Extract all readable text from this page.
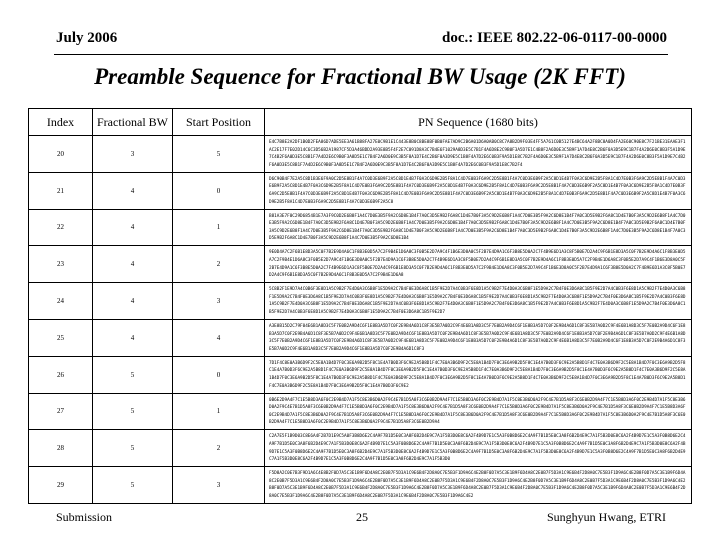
July 2006	doc.: IEEE 802.22-06-0117-00-0000
Preamble Sequence for Fractional BW Usage (2K FFT)
Index	Fractional BW	Start Position	PN Sequence (1680 bits)
20	3	5	E4C7B8E2A2DF1B0D2FEA86D7ADE5EE3A61B88FA27E0C9B1E1C443E8B0C8BE8BF0B0FAE7AD9C2B6A01D6A0AB0C8C7A8B2D9F03E4FF5A761C0B5127E4BC64A2F8BC8A0D4FA2E60C90E8C7F21BE31EAAE3F1AC2E17F7E02D14C6C3D56B2A1987CF5D3A46BDD2A93E8B5F4F2E7C091D8A3C7B4E6F1029A8D3E5C7B1F4A6D8E2C9B0F3A5D7E1C4B8F2A6D0E3C5B9F1A7D4E8C2B6F0A3D5E9C1B7F4A2D6E0C8B3F5A1D9E7C4B2F6A0D3E5C8B1F7A4D2E6C9B0F3A8D5E1C7B4F2A6D0E9C3B5F8A1D7E4C2B6F0A3D9E5C1B8F4A7D2E6C0B3F9A5D1E8C7B2F4A6D0E3C5B9F1A7D4E8C2B6F0A3D5E9C1B7F4A2D6E0C8B3F5A1D9E7C4B2F6A0D3E5C8B1F7A4D2E6C9B0F3A8D5E1C7B4F2A6D0E9C3B5F8A1D7E4C2B6F0A3D9E5C1B8F4A7D2E6C0B3F9A5D1E8C7B2F4

21	4	0	D6C90B4F7E2A5C8D1B3E6F9A0C2D5E8B1F4A7C0D3E6B9F2A5C8D1E4B7F0A3C6D9E2B5F8A1C4D7E0B3F6A9C2D5E8B1F4A7C0D3E6B9F2A5C8D1E4B7F0A3C6D9E2B5F8A1C4D7E0B3F6A9C2D5E8B1F4A7C0D3E6B9F2A5C8D1E4B7F0A3C6D9E2B5F8A1C4D7E0B3F6A9C2D5E8B1F4A7C0D3E6B9F2A5C8D1E4B7F0A3C6D9E2B5F8A1C4D7E0B3F6A9C2D5E8B1F4A7C0D3E6B9F2A5C8D1E4B7F0A3C6D9E2B5F8A1C4D7E0B3F6A9C2D5E8B1F4A7C0D3E6B9F2A5C8D1E4B7F0A3C6D9E2B5F8A1C4D7E0B3F6A9C2D5E8B1F4A7C0D3E6B9F2A5C8D1E4B7F0A3C6D9E2B5F8A1C4D7E0B3F6A9C2D5E8B1F4A7C0D3E6B9F2A5C8D1E4B7F0A3C6D9E2B5F8A1C4D7E0B3F6A9C2D5E8B1F4A7C0D3E6B9F2A5C8

22	4	1	B81A3E7F0C29D6854B1E7A3F9C0D2E6B8F1A4C7D0E3B5F9A2C6D8E1B4F7A0C3D5E9B2F6A8C1D4E7B0F3A5C9D2E6B8F1A4C7D0E3B5F9A2C6D8E1B4F7A0C3D5E9B2F6A8C1D4E7B0F3A5C9D2E6B8F1A4C7D0E3B5F9A2C6D8E1B4F7A0C3D5E9B2F6A8C1D4E7B0F3A5C9D2E6B8F1A4C7D0E3B5F9A2C6D8E1B4F7A0C3D5E9B2F6A8C1D4E7B0F3A5C9D2E6B8F1A4C7D0E3B5F9A2C6D8E1B4F7A0C3D5E9B2F6A8C1D4E7B0F3A5C9D2E6B8F1A4C7D0E3B5F9A2C6D8E1B4F7A0C3D5E9B2F6A8C1D4E7B0F3A5C9D2E6B8F1A4C7D0E3B5F9A2C6D8E1B4F7A0C3D5E9B2F6A8C1D4E7B0F3A5C9D2E6B8F1A4C7D0E3B5F9A2C6D8E1B4F7A0C3D5E9B2F6A8C1D4E7B0F3A5C9D2E6B8F1A4C7D0E3B5F9A2C6D8E1B4

23	4	2	9E0D4A7C2F6B1E8D3A5C0F7B2E9D4A6C1F8B3E0D5A7C2F9B4E1D6A8C3F0B5E2D7A9C4F1B6E3D8A0C5F2B7E4D9A1C6F3B8E5D0A2C7F4B9E6D1A3C8F5B0E7D2A4C9F6B1E8D3A5C0F7B2E9D4A6C1F8B3E0D5A7C2F9B4E1D6A8C3F0B5E2D7A9C4F1B6E3D8A0C5F2B7E4D9A1C6F3B8E5D0A2C7F4B9E6D1A3C8F5B0E7D2A4C9F6B1E8D3A5C0F7B2E9D4A6C1F8B3E0D5A7C2F9B4E1D6A8C3F0B5E2D7A9C4F1B6E3D8A0C5F2B7E4D9A1C6F3B8E5D0A2C7F4B9E6D1A3C8F5B0E7D2A4C9F6B1E8D3A5C0F7B2E9D4A6C1F8B3E0D5A7C2F9B4E1D6A8C3F0B5E2D7A9C4F1B6E3D8A0C5F2B7E4D9A1C6F3B8E5D0A2C7F4B9E6D1A3C8F5B0E7D2A4C9F6B1E8D3A5C0F7B2E9D4A6C1F8B3E0D5A7C2F9B4E1D6A8

24	4	3	5C8B2F1E9D7A4C0B6F3E8D1A5C9B2F7E4D0A3C6B8F1E5D9A2C7B4F0E3D6A8C1B5F9E2D7A4C0B3F6E8D1A5C9B2F7E4D0A3C6B8F1E5D9A2C7B4F0E3D6A8C1B5F9E2D7A4C0B3F6E8D1A5C9B2F7E4D0A3C6B8F1E5D9A2C7B4F0E3D6A8C1B5F9E2D7A4C0B3F6E8D1A5C9B2F7E4D0A3C6B8F1E5D9A2C7B4F0E3D6A8C1B5F9E2D7A4C0B3F6E8D1A5C9B2F7E4D0A3C6B8F1E5D9A2C7B4F0E3D6A8C1B5F9E2D7A4C0B3F6E8D1A5C9B2F7E4D0A3C6B8F1E5D9A2C7B4F0E3D6A8C1B5F9E2D7A4C0B3F6E8D1A5C9B2F7E4D0A3C6B8F1E5D9A2C7B4F0E3D6A8C1B5F9E2D7A4C0B3F6E8D1A5C9B2F7E4D0A3C6B8F1E5D9A2C7B4F0E3D6A8C1B5F9E2D7A4C0B3F6E8D1A5C9B2F7E4D0A3C6B8F1E5D9A2C7B4F0E3D6A8C1B5F9E2D7

25	4	4	A3E8B15D2C79F04E6B1A8D3C5F7E0B2A9D4C6F1E8B3A5D7C0F2E9B4A6D1C8F3E5B7A0D2C9F4E6B1A8D3C5F7E0B2A9D4C6F1E8B3A5D7C0F2E9B4A6D1C8F3E5B7A0D2C9F4E6B1A8D3C5F7E0B2A9D4C6F1E8B3A5D7C0F2E9B4A6D1C8F3E5B7A0D2C9F4E6B1A8D3C5F7E0B2A9D4C6F1E8B3A5D7C0F2E9B4A6D1C8F3E5B7A0D2C9F4E6B1A8D3C5F7E0B2A9D4C6F1E8B3A5D7C0F2E9B4A6D1C8F3E5B7A0D2C9F4E6B1A8D3C5F7E0B2A9D4C6F1E8B3A5D7C0F2E9B4A6D1C8F3E5B7A0D2C9F4E6B1A8D3C5F7E0B2A9D4C6F1E8B3A5D7C0F2E9B4A6D1C8F3E5B7A0D2C9F4E6B1A8D3C5F7E0B2A9D4C6F1E8B3A5D7C0F2E9B4A6D1C8F3E5B7A0D2C9F4E6B1A8D3C5F7E0B2A9D4C6F1E8B3A5D7C0F2E9B4A6D1C8F3

26	5	0	7D1F4C8E0A3B6D9F2C5E8A1B4D7F0C3E6A9B2D5F8C1E4A7B0D3F6C9E2A5B8D1F4C7E0A3B6D9F2C5E8A1B4D7F0C3E6A9B2D5F8C1E4A7B0D3F6C9E2A5B8D1F4C7E0A3B6D9F2C5E8A1B4D7F0C3E6A9B2D5F8C1E4A7B0D3F6C9E2A5B8D1F4C7E0A3B6D9F2C5E8A1B4D7F0C3E6A9B2D5F8C1E4A7B0D3F6C9E2A5B8D1F4C7E0A3B6D9F2C5E8A1B4D7F0C3E6A9B2D5F8C1E4A7B0D3F6C9E2A5B8D1F4C7E0A3B6D9F2C5E8A1B4D7F0C3E6A9B2D5F8C1E4A7B0D3F6C9E2A5B8D1F4C7E0A3B6D9F2C5E8A1B4D7F0C3E6A9B2D5F8C1E4A7B0D3F6C9E2A5B8D1F4C7E0A3B6D9F2C5E8A1B4D7F0C3E6A9B2D5F8C1E4A7B0D3F6C9E2A5B8D1F4C7E0A3B6D9F2C5E8A1B4D7F0C3E6A9B2D5F8C1E4A7B0D3F6C9E2

27	5	1	0B6E2D9A4F7C1E5B8D3A6F0C2E9B4D7A1F5C8E3B6D0A2F9C4E7B1D5A8F3C6E0B2D9A4F7C1E5B8D3A6F0C2E9B4D7A1F5C8E3B6D0A2F9C4E7B1D5A8F3C6E0B2D9A4F7C1E5B8D3A6F0C2E9B4D7A1F5C8E3B6D0A2F9C4E7B1D5A8F3C6E0B2D9A4F7C1E5B8D3A6F0C2E9B4D7A1F5C8E3B6D0A2F9C4E7B1D5A8F3C6E0B2D9A4F7C1E5B8D3A6F0C2E9B4D7A1F5C8E3B6D0A2F9C4E7B1D5A8F3C6E0B2D9A4F7C1E5B8D3A6F0C2E9B4D7A1F5C8E3B6D0A2F9C4E7B1D5A8F3C6E0B2D9A4F7C1E5B8D3A6F0C2E9B4D7A1F5C8E3B6D0A2F9C4E7B1D5A8F3C6E0B2D9A4F7C1E5B8D3A6F0C2E9B4D7A1F5C8E3B6D0A2F9C4E7B1D5A8F3C6E0B2D9A4F7C1E5B8D3A6F0C2E9B4D7A1F5C8E3B6D0A2F9C4E7B1D5A8F3C6E0B2D9A4

28	5	2	C2A7E5F1B9D03C8E6A4F2B7D1E9C5A0F3B8D6E2C4A9F7B1D5E0C3A8F6B2D4E9C7A1F5B3D0E8C6A2F4B9D7E1C5A3F0B8D6E2C4A9F7B1D5E0C3A8F6B2D4E9C7A1F5B3D0E8C6A2F4B9D7E1C5A3F0B8D6E2C4A9F7B1D5E0C3A8F6B2D4E9C7A1F5B3D0E8C6A2F4B9D7E1C5A3F0B8D6E2C4A9F7B1D5E0C3A8F6B2D4E9C7A1F5B3D0E8C6A2F4B9D7E1C5A3F0B8D6E2C4A9F7B1D5E0C3A8F6B2D4E9C7A1F5B3D0E8C6A2F4B9D7E1C5A3F0B8D6E2C4A9F7B1D5E0C3A8F6B2D4E9C7A1F5B3D0E8C6A2F4B9D7E1C5A3F0B8D6E2C4A9F7B1D5E0C3A8F6B2D4E9C7A1F5B3D0E8C6A2F4B9D7E1C5A3F0B8D6E2C4A9F7B1D5E0C3A8F6B2D4E9C7A1F5B3D0E8C6A2F4B9D7E1C5A3F0B8D6E2C4A9F7B1D5E0C3A8F6B2D4E9C7A1F5B3D0

29	5	3	F5D8A2C0E7B3F9D1A6C4E8B2F0D7A5C3E1B9F6D4A8C2E0B7F5D3A1C9E6B4F2D8A0C7E5B3F1D9A6C4E2B8F0D7A5C3E1B9F6D4A8C2E0B7F5D3A1C9E6B4F2D8A0C7E5B3F1D9A6C4E2B8F0D7A5C3E1B9F6D4A8C2E0B7F5D3A1C9E6B4F2D8A0C7E5B3F1D9A6C4E2B8F0D7A5C3E1B9F6D4A8C2E0B7F5D3A1C9E6B4F2D8A0C7E5B3F1D9A6C4E2B8F0D7A5C3E1B9F6D4A8C2E0B7F5D3A1C9E6B4F2D8A0C7E5B3F1D9A6C4E2B8F0D7A5C3E1B9F6D4A8C2E0B7F5D3A1C9E6B4F2D8A0C7E5B3F1D9A6C4E2B8F0D7A5C3E1B9F6D4A8C2E0B7F5D3A1C9E6B4F2D8A0C7E5B3F1D9A6C4E2B8F0D7A5C3E1B9F6D4A8C2E0B7F5D3A1C9E6B4F2D8A0C7E5B3F1D9A6C4E2B8F0D7A5C3E1B9F6D4A8C2E0B7F5D3A1C9E6B4F2D8A0C7E5B3F1D9A6C4E2
Submission	25	Sunghyun Hwang, ETRI
